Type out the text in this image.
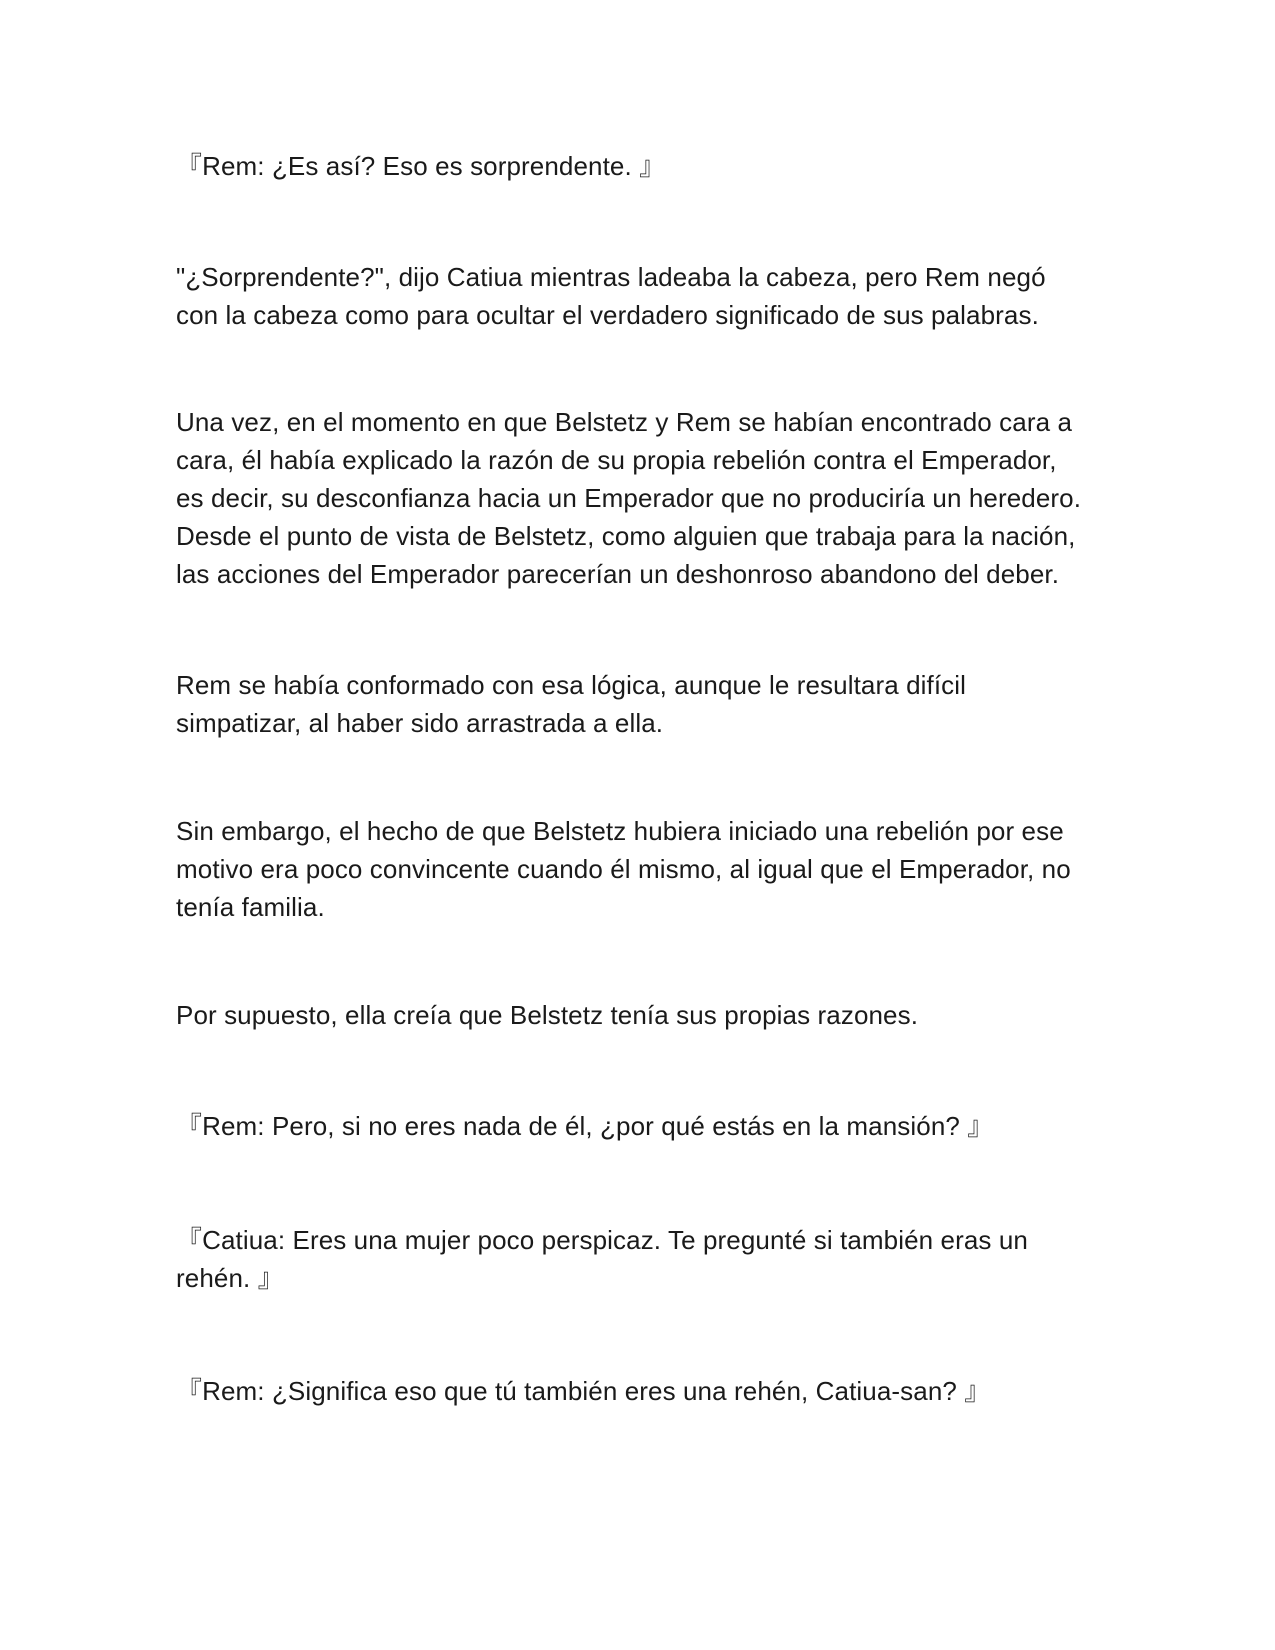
『Rem: ¿Es así? Eso es sorprendente. 』

"¿Sorprendente?", dijo Catiua mientras ladeaba la cabeza, pero Rem negó
con la cabeza como para ocultar el verdadero significado de sus palabras.

Una vez, en el momento en que Belstetz y Rem se habían encontrado cara a
cara, él había explicado la razón de su propia rebelión contra el Emperador,
es decir, su desconfianza hacia un Emperador que no produciría un heredero.
Desde el punto de vista de Belstetz, como alguien que trabaja para la nación,
las acciones del Emperador parecerían un deshonroso abandono del deber.

Rem se había conformado con esa lógica, aunque le resultara difícil
simpatizar, al haber sido arrastrada a ella.

Sin embargo, el hecho de que Belstetz hubiera iniciado una rebelión por ese
motivo era poco convincente cuando él mismo, al igual que el Emperador, no
tenía familia.

Por supuesto, ella creía que Belstetz tenía sus propias razones.

『Rem: Pero, si no eres nada de él, ¿por qué estás en la mansión? 』

『Catiua: Eres una mujer poco perspicaz. Te pregunté si también eras un
rehén. 』

『Rem: ¿Significa eso que tú también eres una rehén, Catiua-san? 』
